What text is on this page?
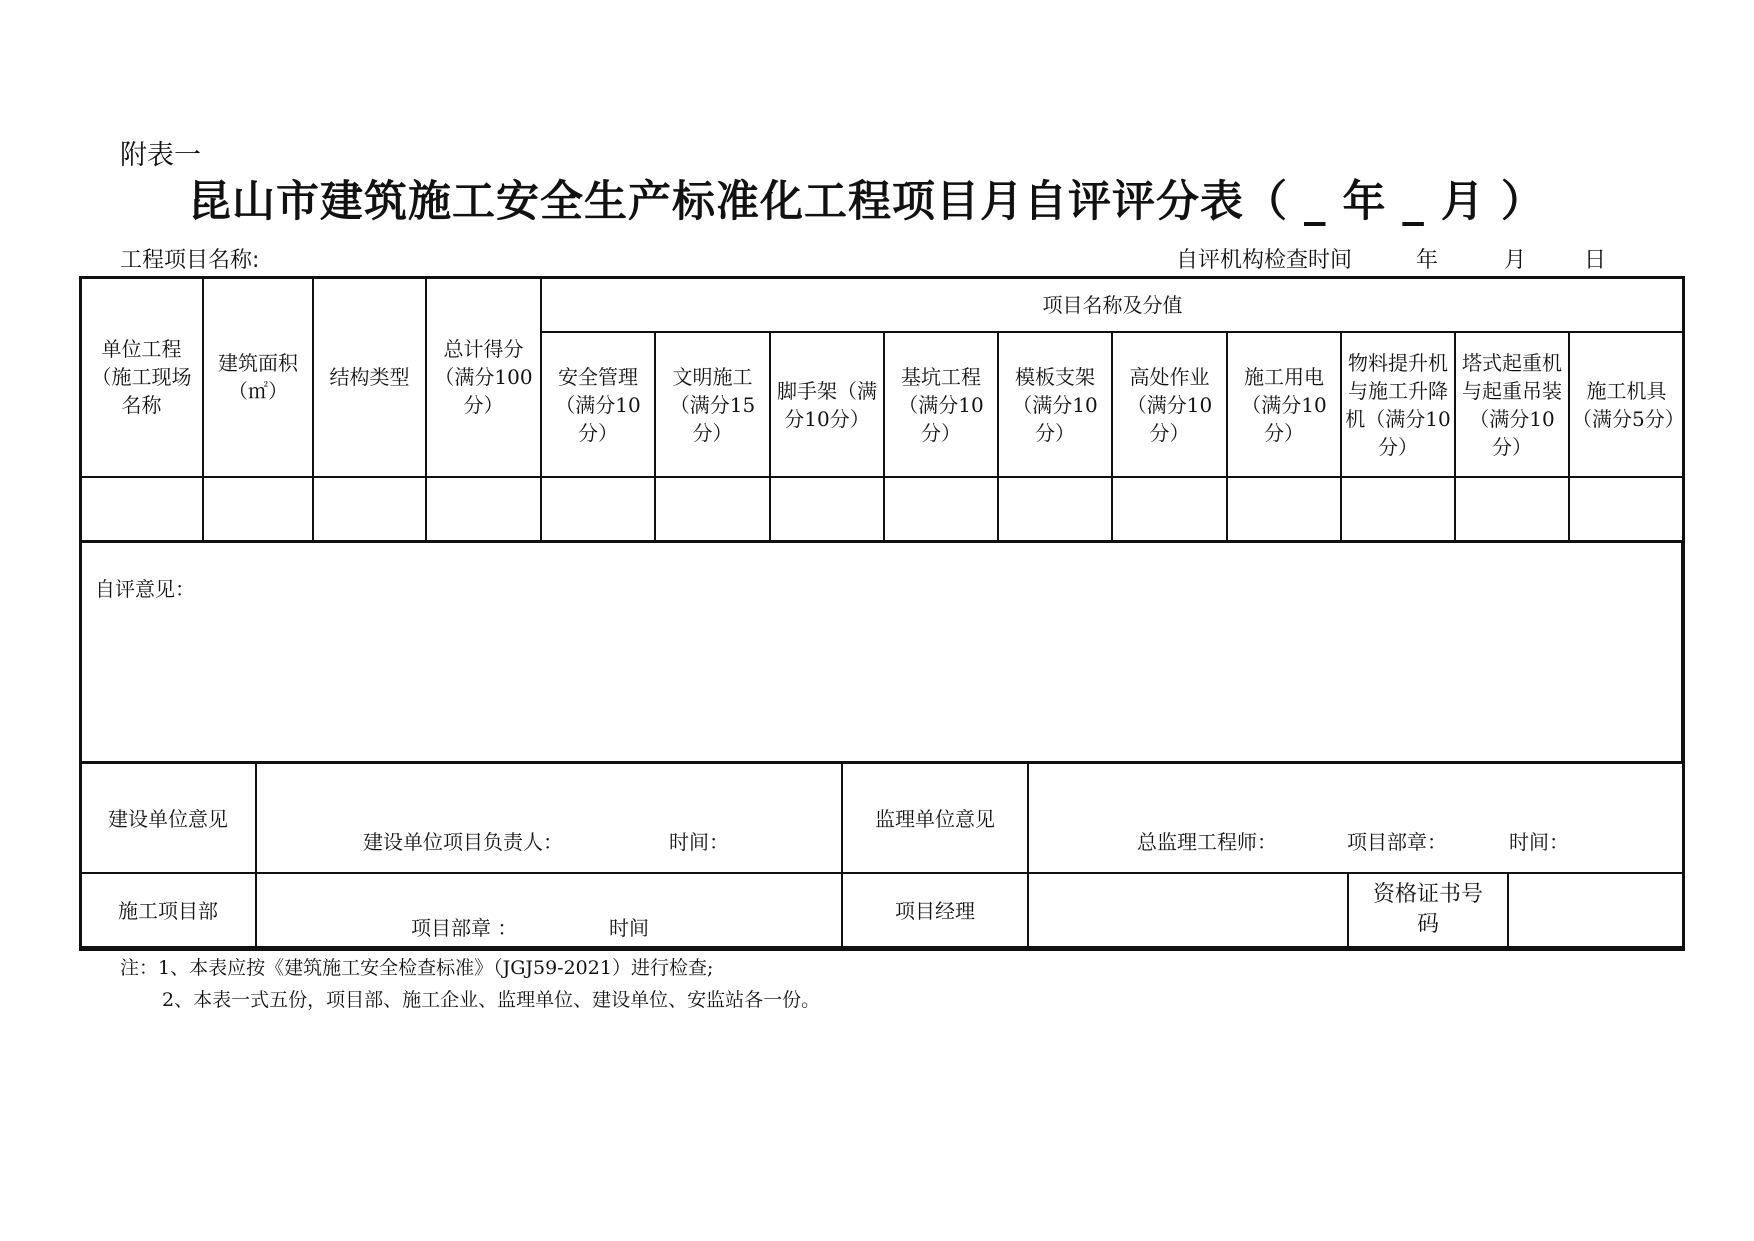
附表一
昆山市建筑施工安全生产标准化工程项目月自评评分表（ _ 年 _ 月 ）
工程项目名称:	自评机构检查时间	年	月	日
单位工程（施工现场名称	建筑面积（㎡）	结构类型	总计得分（满分100分）	项目名称及分值									
				安全管理（满分10分）	文明施工（满分15分）	脚手架（满分10分）	基坑工程（满分10分）	模板支架（满分10分）	高处作业（满分10分）	施工用电（满分10分）	物料提升机与施工升降机（满分10分）	塔式起重机与起重吊装（满分10分）	施工机具（满分5分）

自评意见：
建设单位意见	建设单位项目负责人： 时间：	监理单位意见	总监理工程师： 项目部章： 时间：		

施工项目部	项目部章 ： 时间	项目经理		资格证书号码	
注：1、本表应按《建筑施工安全检查标准》（JGJ59-2021）进行检查;
2、本表一式五份，项目部、施工企业、监理单位、建设单位、安监站各一份。
